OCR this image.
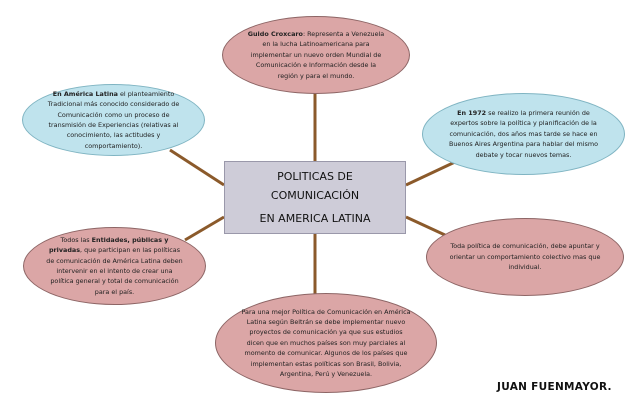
Guido Croxcaro: Representa a Venezuela en la lucha Latinoamericana para implementar un nuevo orden Mundial de Comunicación e Información desde la región y para el mundo.

En América Latina el planteamiento Tradicional más conocido considerado de Comunicación como un proceso de transmisión de Experiencias (relativas al conocimiento, las actitudes y comportamiento).

En 1972 se realizo la primera reunión de expertos sobre la política y planificación de la comunicación, dos años mas tarde se hace en Buenos Aires Argentina para hablar del mismo debate y tocar nuevos temas.

POLITICAS DE
COMUNICACIÓN
EN AMERICA LATINA

Todos las Entidades, públicas y privadas, que participan en las políticas de comunicación de América Latina deben intervenir en el intento de crear una política general y total de comunicación para el país.

Toda política de comunicación, debe apuntar y orientar un comportamiento colectivo mas que individual.

Para una mejor Política de Comunicación en América Latina según Beltrán se debe implementar nuevo proyectos de comunicación ya que sus estudios dicen que en muchos países son muy parciales al momento de comunicar. Algunos de los países que implementan estas políticas son Brasil, Bolivia, Argentina, Perú y Venezuela.

JUAN FUENMAYOR.
